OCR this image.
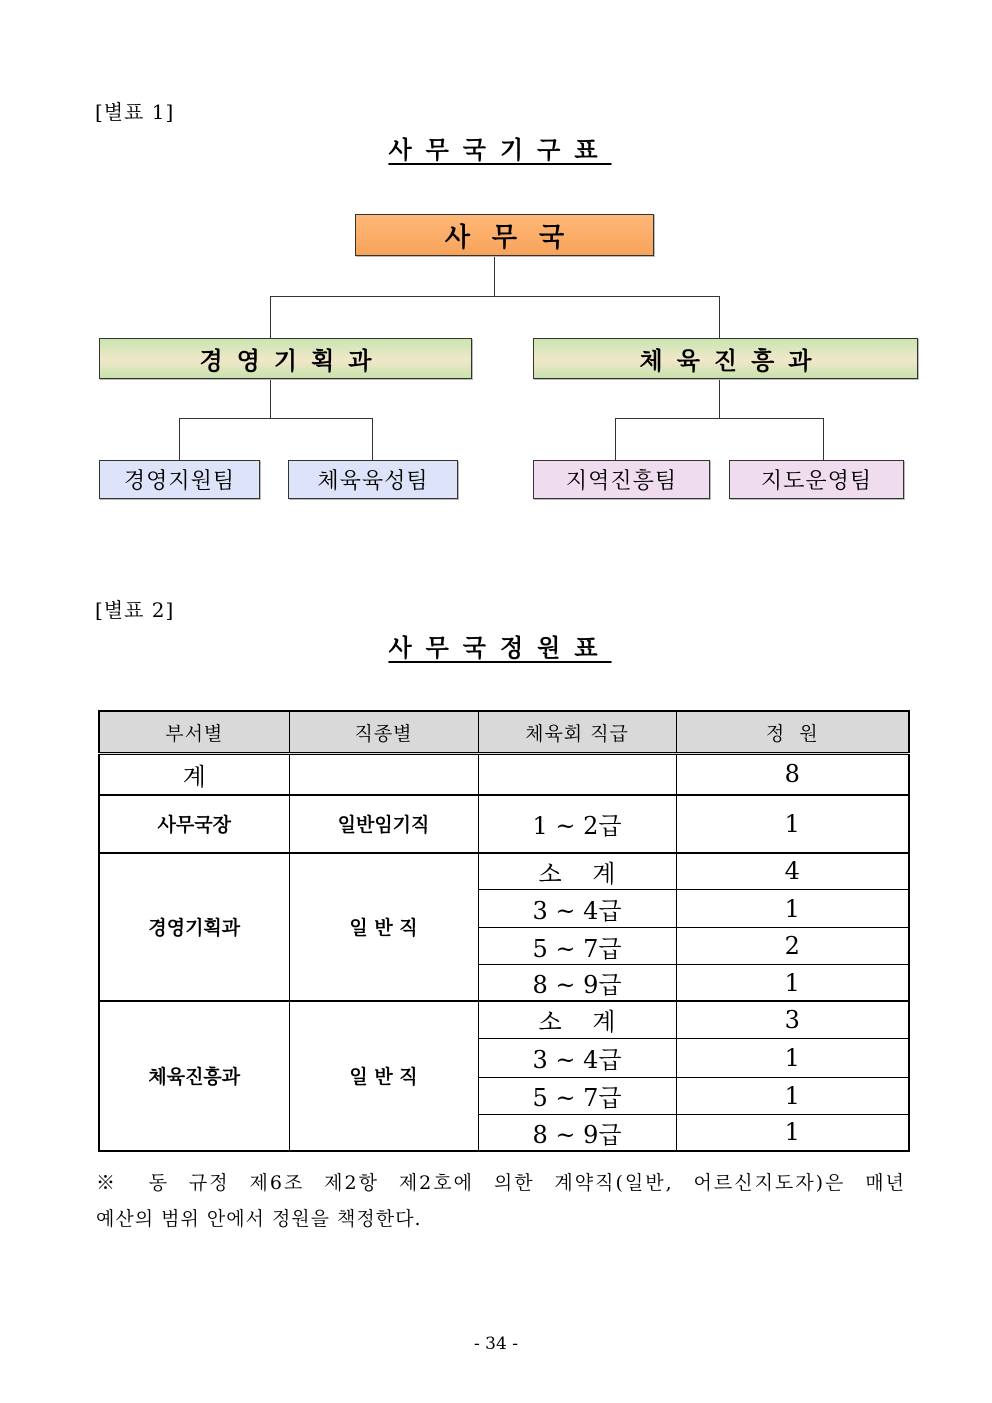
[별표 1]
사무국기구표
사무국
경영기획과	체육진흥과
경영지원팀	체육육성팀	지역진흥팀	지도운영팀
[별표 2]
사무국정원표
부서별	직종별	체육회 직급	정  원
계			8
사무국장	일반임기직	1 ~ 2급	1
경영기획과	일 반 직	소    계	4
		3 ~ 4급	1
		5 ~ 7급	2
		8 ~ 9급	1
체육진흥과	일 반 직	소    계	3
		3 ~ 4급	1
		5 ~ 7급	1
		8 ~ 9급	1
※ 동 규정 제6조 제2항 제2호에 의한 계약직(일반, 어르신지도자)은 매년
예산의 범위 안에서 정원을 책정한다.
- 34 -
